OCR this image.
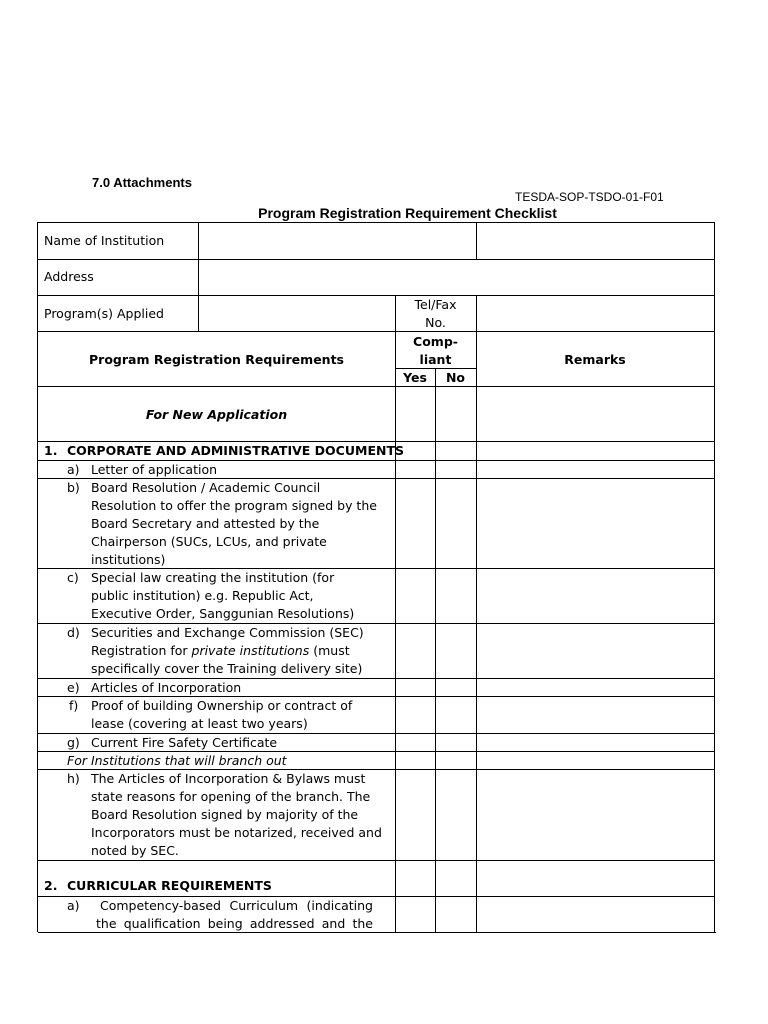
7.0 Attachments
TESDA-SOP-TSDO-01-F01
Program Registration Requirement Checklist
Name of Institution
Address
Program(s) Applied
Tel/Fax
No.
Program Registration Requirements
Comp-
liant
Yes	No
Remarks
For New Application
1. CORPORATE AND ADMINISTRATIVE DOCUMENTS
a) Letter of application
b) Board Resolution / Academic Council
Resolution to offer the program signed by the
Board Secretary and attested by the
Chairperson (SUCs, LCUs, and private
institutions)
c) Special law creating the institution (for
public institution) e.g. Republic Act,
Executive Order, Sanggunian Resolutions)
d) Securities and Exchange Commission (SEC)
Registration for private institutions (must
specifically cover the Training delivery site)
e) Articles of Incorporation
f) Proof of building Ownership or contract of
lease (covering at least two years)
g) Current Fire Safety Certificate
For Institutions that will branch out
h) The Articles of Incorporation & Bylaws must
state reasons for opening of the branch. The
Board Resolution signed by majority of the
Incorporators must be notarized, received and
noted by SEC.
2. CURRICULAR REQUIREMENTS
a) Competency-based Curriculum (indicating
the qualification being addressed and the
